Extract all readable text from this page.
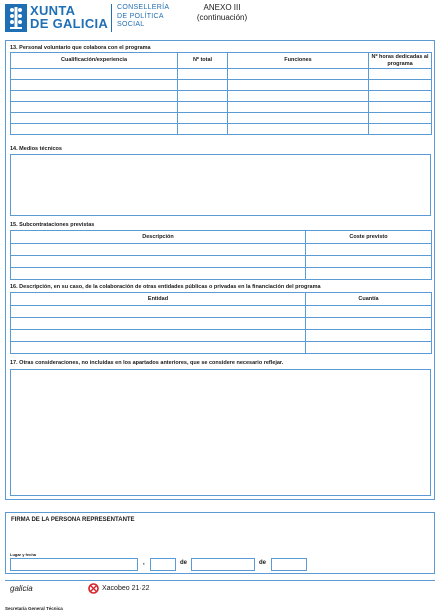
XUNTA
DE GALICIA
CONSELLERÍA
DE POLÍTICA
SOCIAL
ANEXO III
(continuación)
13. Personal voluntario que colabora con el programa
Cualificación/experiencia	Nº total	Funciones	Nº horas dedicadas al programa

14. Medios técnicos
15. Subcontrataciones previstas
Descripción	Coste previsto

16. Descripción, en su caso, de la colaboración de otras entidades públicas o privadas en la financiación del programa
Entidad	Cuantía

17. Otras consideraciones, no incluidas en los apartados anteriores, que se considere necesario reflejar.
FIRMA DE LA PERSONA REPRESENTANTE
Lugar y fecha
,	de	de
galicia	Xacobeo 21·22
Secretaría General Técnica
